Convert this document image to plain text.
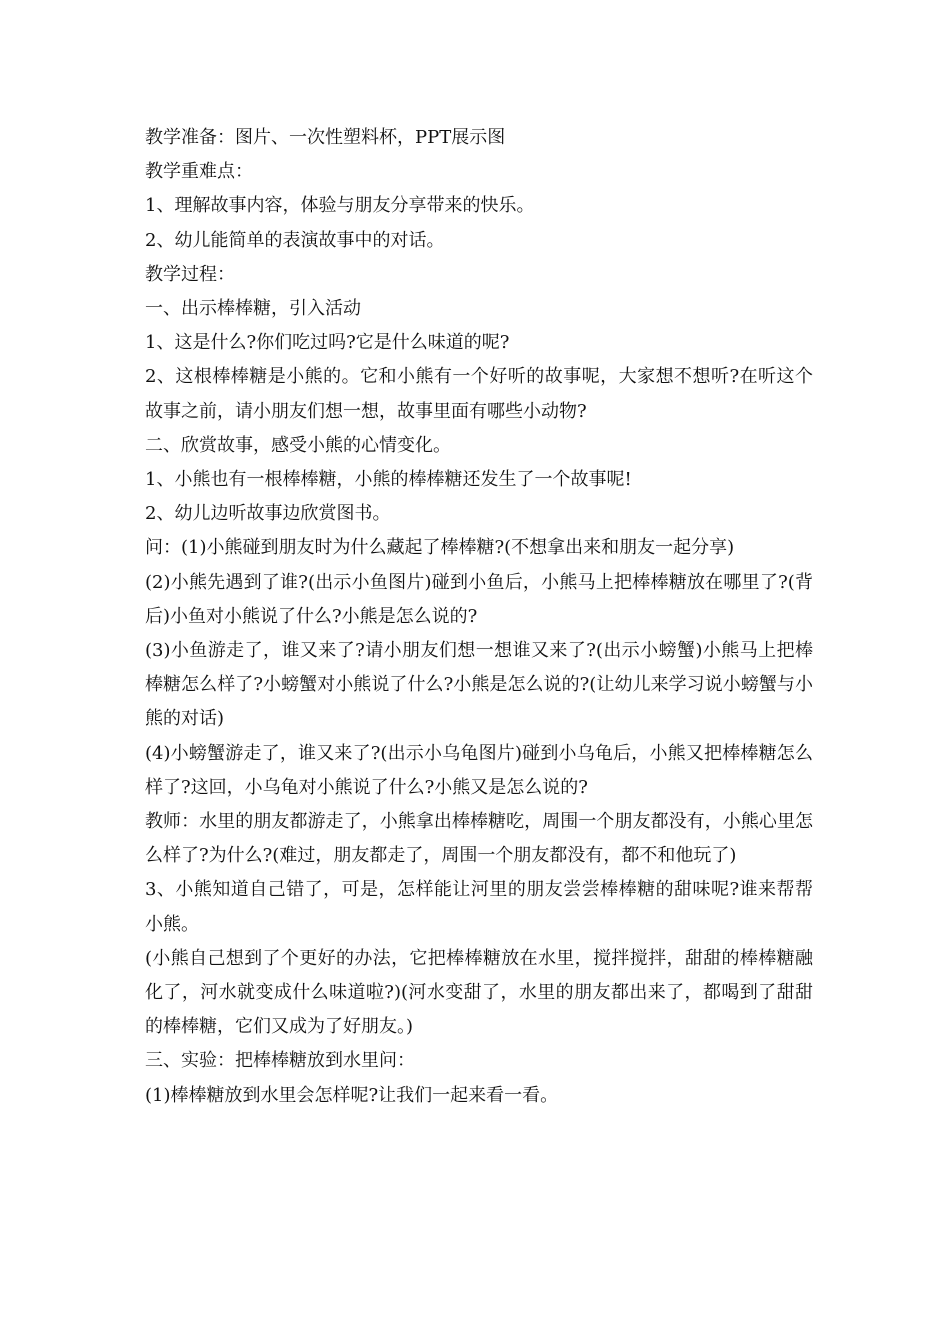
教学准备：图片、一次性塑料杯，PPT展示图

教学重难点：

1、理解故事内容，体验与朋友分享带来的快乐。

2、幼儿能简单的表演故事中的对话。

教学过程：

一、出示棒棒糖，引入活动

1、这是什么?你们吃过吗?它是什么味道的呢?

2、这根棒棒糖是小熊的。它和小熊有一个好听的故事呢，大家想不想听?在听这个故事之前，请小朋友们想一想，故事里面有哪些小动物?

二、欣赏故事，感受小熊的心情变化。

1、小熊也有一根棒棒糖，小熊的棒棒糖还发生了一个故事呢!

2、幼儿边听故事边欣赏图书。

问：(1)小熊碰到朋友时为什么藏起了棒棒糖?(不想拿出来和朋友一起分享)

(2)小熊先遇到了谁?(出示小鱼图片)碰到小鱼后，小熊马上把棒棒糖放在哪里了?(背后)小鱼对小熊说了什么?小熊是怎么说的?

(3)小鱼游走了，谁又来了?请小朋友们想一想谁又来了?(出示小螃蟹)小熊马上把棒棒糖怎么样了?小螃蟹对小熊说了什么?小熊是怎么说的?(让幼儿来学习说小螃蟹与小熊的对话)

(4)小螃蟹游走了，谁又来了?(出示小乌龟图片)碰到小乌龟后，小熊又把棒棒糖怎么样了?这回，小乌龟对小熊说了什么?小熊又是怎么说的?

教师：水里的朋友都游走了，小熊拿出棒棒糖吃，周围一个朋友都没有，小熊心里怎么样了?为什么?(难过，朋友都走了，周围一个朋友都没有，都不和他玩了)

3、小熊知道自己错了，可是，怎样能让河里的朋友尝尝棒棒糖的甜味呢?谁来帮帮小熊。

(小熊自己想到了个更好的办法，它把棒棒糖放在水里，搅拌搅拌，甜甜的棒棒糖融化了，河水就变成什么味道啦?)(河水变甜了，水里的朋友都出来了，都喝到了甜甜的棒棒糖，它们又成为了好朋友。)

三、实验：把棒棒糖放到水里问：

(1)棒棒糖放到水里会怎样呢?让我们一起来看一看。
